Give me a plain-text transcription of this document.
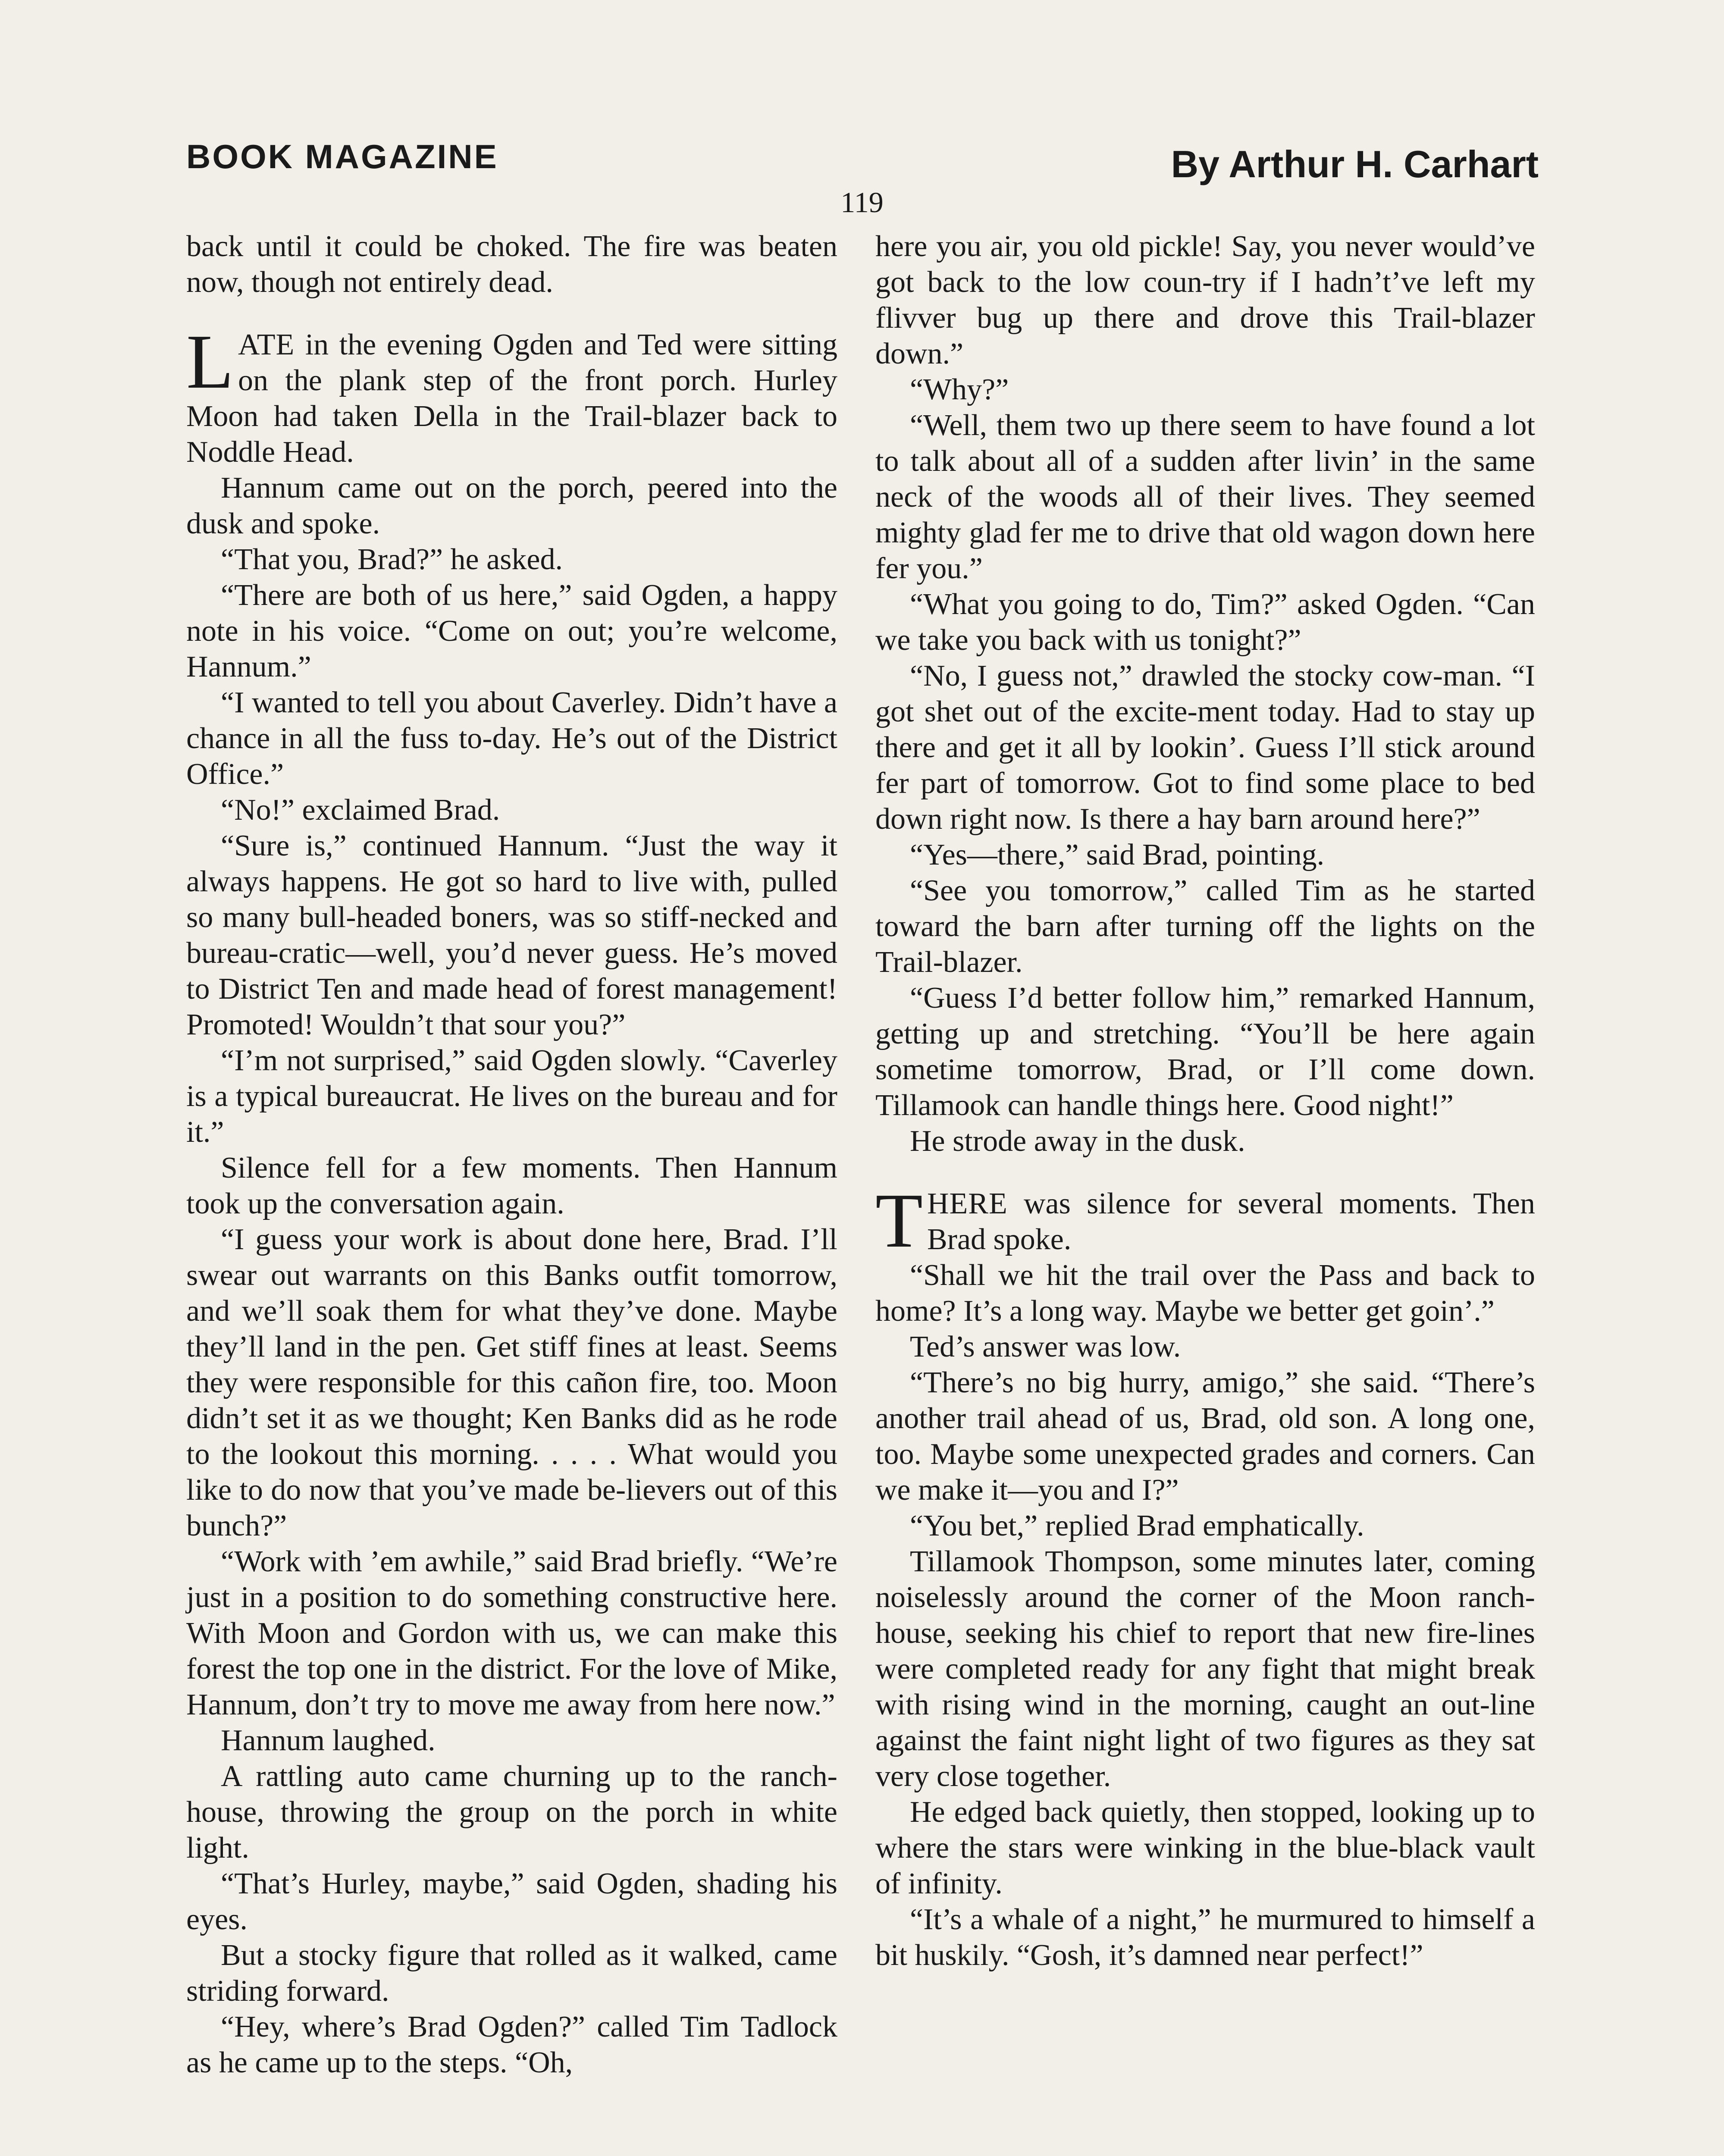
BOOK MAGAZINE	By Arthur H. Carhart
119

back until it could be choked. The fire was beaten now, though not entirely dead.

LATE in the evening Ogden and Ted were sitting on the plank step of the front porch. Hurley Moon had taken Della in the Trail-blazer back to Noddle Head.

Hannum came out on the porch, peered into the dusk and spoke.

“That you, Brad?” he asked.

“There are both of us here,” said Ogden, a happy note in his voice. “Come on out; you’re welcome, Hannum.”

“I wanted to tell you about Caverley. Didn’t have a chance in all the fuss to-day. He’s out of the District Office.”

“No!” exclaimed Brad.

“Sure is,” continued Hannum. “Just the way it always happens. He got so hard to live with, pulled so many bull-headed boners, was so stiff-necked and bureau-cratic—well, you’d never guess. He’s moved to District Ten and made head of forest management! Promoted! Wouldn’t that sour you?”

“I’m not surprised,” said Ogden slowly. “Caverley is a typical bureaucrat. He lives on the bureau and for it.”

Silence fell for a few moments. Then Hannum took up the conversation again.

“I guess your work is about done here, Brad. I’ll swear out warrants on this Banks outfit tomorrow, and we’ll soak them for what they’ve done. Maybe they’ll land in the pen. Get stiff fines at least. Seems they were responsible for this cañon fire, too. Moon didn’t set it as we thought; Ken Banks did as he rode to the lookout this morning. . . . . What would you like to do now that you’ve made be-lievers out of this bunch?”

“Work with ’em awhile,” said Brad briefly. “We’re just in a position to do something constructive here. With Moon and Gordon with us, we can make this forest the top one in the district. For the love of Mike, Hannum, don’t try to move me away from here now.”

Hannum laughed.

A rattling auto came churning up to the ranch-house, throwing the group on the porch in white light.

“That’s Hurley, maybe,” said Ogden, shading his eyes.

But a stocky figure that rolled as it walked, came striding forward.

“Hey, where’s Brad Ogden?” called Tim Tadlock as he came up to the steps. “Oh,

here you air, you old pickle! Say, you never would’ve got back to the low coun-try if I hadn’t’ve left my flivver bug up there and drove this Trail-blazer down.”

“Why?”

“Well, them two up there seem to have found a lot to talk about all of a sudden after livin’ in the same neck of the woods all of their lives. They seemed mighty glad fer me to drive that old wagon down here fer you.”

“What you going to do, Tim?” asked Ogden. “Can we take you back with us tonight?”

“No, I guess not,” drawled the stocky cow-man. “I got shet out of the excite-ment today. Had to stay up there and get it all by lookin’. Guess I’ll stick around fer part of tomorrow. Got to find some place to bed down right now. Is there a hay barn around here?”

“Yes—there,” said Brad, pointing.

“See you tomorrow,” called Tim as he started toward the barn after turning off the lights on the Trail-blazer.

“Guess I’d better follow him,” remarked Hannum, getting up and stretching. “You’ll be here again sometime tomorrow, Brad, or I’ll come down. Tillamook can handle things here. Good night!”

He strode away in the dusk.

THERE was silence for several moments. Then Brad spoke.

“Shall we hit the trail over the Pass and back to home? It’s a long way. Maybe we better get goin’.”

Ted’s answer was low.

“There’s no big hurry, amigo,” she said. “There’s another trail ahead of us, Brad, old son. A long one, too. Maybe some unexpected grades and corners. Can we make it—you and I?”

“You bet,” replied Brad emphatically.

Tillamook Thompson, some minutes later, coming noiselessly around the corner of the Moon ranch-house, seeking his chief to report that new fire-lines were completed ready for any fight that might break with rising wind in the morning, caught an out-line against the faint night light of two figures as they sat very close together.

He edged back quietly, then stopped, looking up to where the stars were winking in the blue-black vault of infinity.

“It’s a whale of a night,” he murmured to himself a bit huskily. “Gosh, it’s damned near perfect!”
